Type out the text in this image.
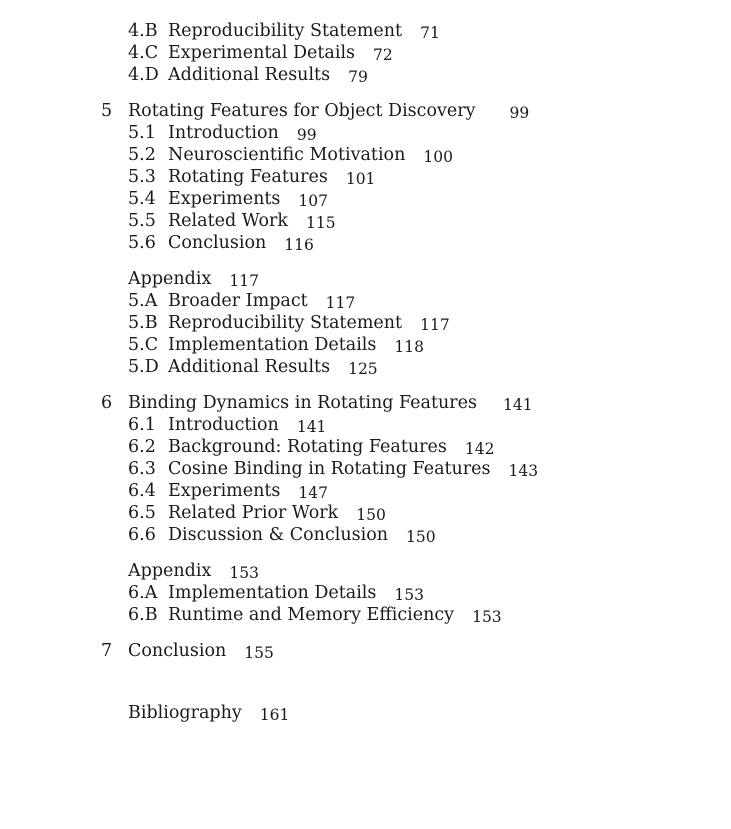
4.B Reproducibility Statement 71
4.C Experimental Details 72
4.D Additional Results 79
5 Rotating Features for Object Discovery 99
5.1 Introduction 99
5.2 Neuroscientific Motivation 100
5.3 Rotating Features 101
5.4 Experiments 107
5.5 Related Work 115
5.6 Conclusion 116
Appendix 117
5.A Broader Impact 117
5.B Reproducibility Statement 117
5.C Implementation Details 118
5.D Additional Results 125
6 Binding Dynamics in Rotating Features 141
6.1 Introduction 141
6.2 Background: Rotating Features 142
6.3 Cosine Binding in Rotating Features 143
6.4 Experiments 147
6.5 Related Prior Work 150
6.6 Discussion & Conclusion 150
Appendix 153
6.A Implementation Details 153
6.B Runtime and Memory Efficiency 153
7 Conclusion 155
Bibliography 161
